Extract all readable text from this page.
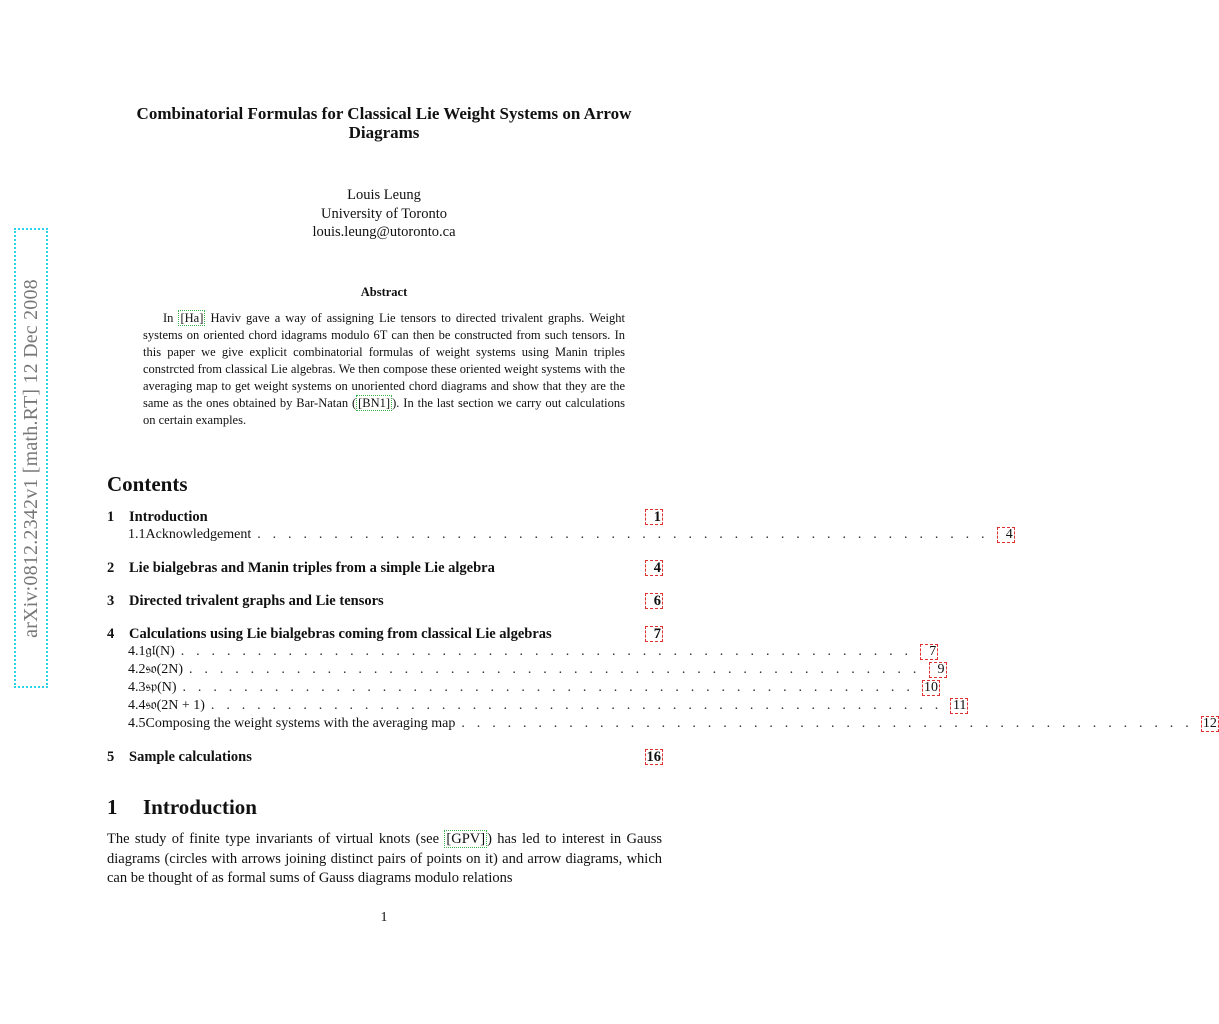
arXiv:0812.2342v1 [math.RT] 12 Dec 2008
Combinatorial Formulas for Classical Lie Weight Systems on Arrow Diagrams
Louis Leung
University of Toronto
louis.leung@utoronto.ca
Abstract
In [Ha] Haviv gave a way of assigning Lie tensors to directed trivalent graphs. Weight systems on oriented chord idagrams modulo 6T can then be constructed from such tensors. In this paper we give explicit combinatorial formulas of weight systems using Manin triples constrcted from classical Lie algebras. We then compose these oriented weight systems with the averaging map to get weight systems on unoriented chord diagrams and show that they are the same as the ones obtained by Bar-Natan ( [BN1] ). In the last section we carry out calculations on certain examples.
Contents
1	Introduction	1
1.1 Acknowledgement . . . . . . . . . . . . . . . . . . . . . . . . . . . . . . . . . . . . . . . . . . . . . . . .	4
2	Lie bialgebras and Manin triples from a simple Lie algebra	4
3	Directed trivalent graphs and Lie tensors	6
4	Calculations using Lie bialgebras coming from classical Lie algebras	7
4.1 𝔤𝔩(N) . . . . . . . . . . . . . . . . . . . . . . . . . . . . . . . . . . . . . . . . . . . . . . . .	7
4.2 𝔰𝔬(2N) . . . . . . . . . . . . . . . . . . . . . . . . . . . . . . . . . . . . . . . . . . . . . . . .	9
4.3 𝔰𝔭(N) . . . . . . . . . . . . . . . . . . . . . . . . . . . . . . . . . . . . . . . . . . . . . . . . 10
4.4 𝔰𝔬(2N + 1) . . . . . . . . . . . . . . . . . . . . . . . . . . . . . . . . . . . . . . . . . . . . . . . . 11
4.5 Composing the weight systems with the averaging map . . . . . . . . . . . . . . . . . . . . . . . . . . . . . . . . . . . . . . . . . . . . . . . . 12
5	Sample calculations	16
1 Introduction
The study of finite type invariants of virtual knots (see [GPV] ) has led to interest in Gauss diagrams (circles with arrows joining distinct pairs of points on it) and arrow diagrams, which can be thought of as formal sums of Gauss diagrams modulo relations
1
